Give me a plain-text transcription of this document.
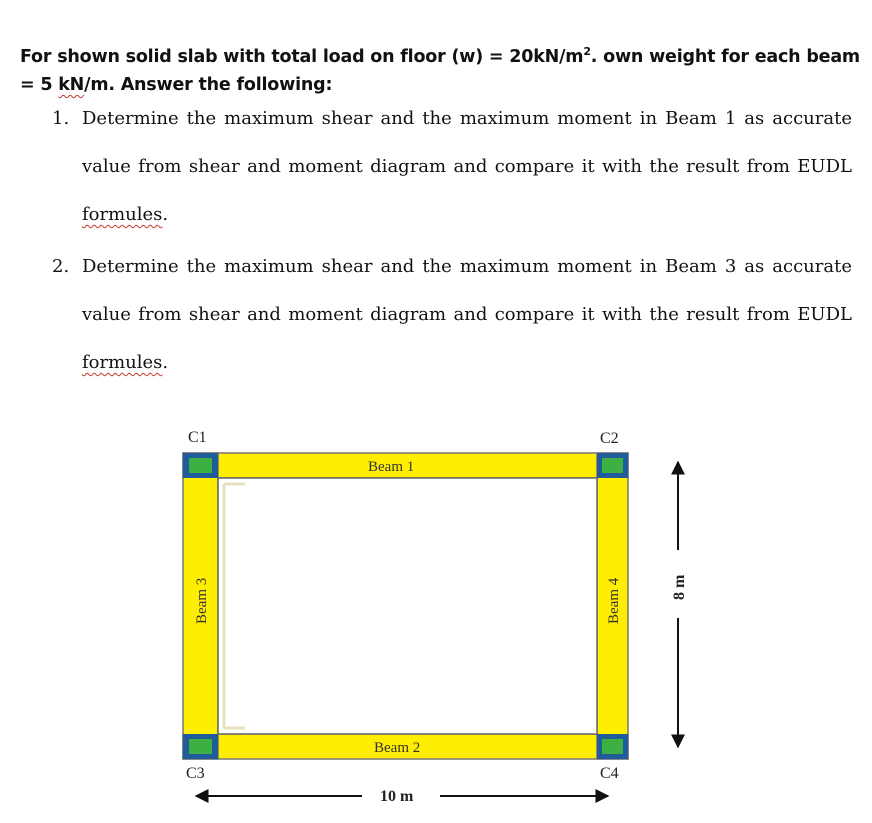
For shown solid slab with total load on floor $(w) = 20kN/m^2$. own weight for each beam
= 5 kN/m. Answer the following:
1. Determine the maximum shear and the maximum moment in Beam 1 as accurate value from shear and moment diagram and compare it with the result from EUDL formules.
2. Determine the maximum shear and the maximum moment in Beam 3 as accurate value from shear and moment diagram and compare it with the result from EUDL formules.
C1	C2
C3	C4
Beam 1
Beam 2
Beam 3	Beam 4
10 m
8 m
